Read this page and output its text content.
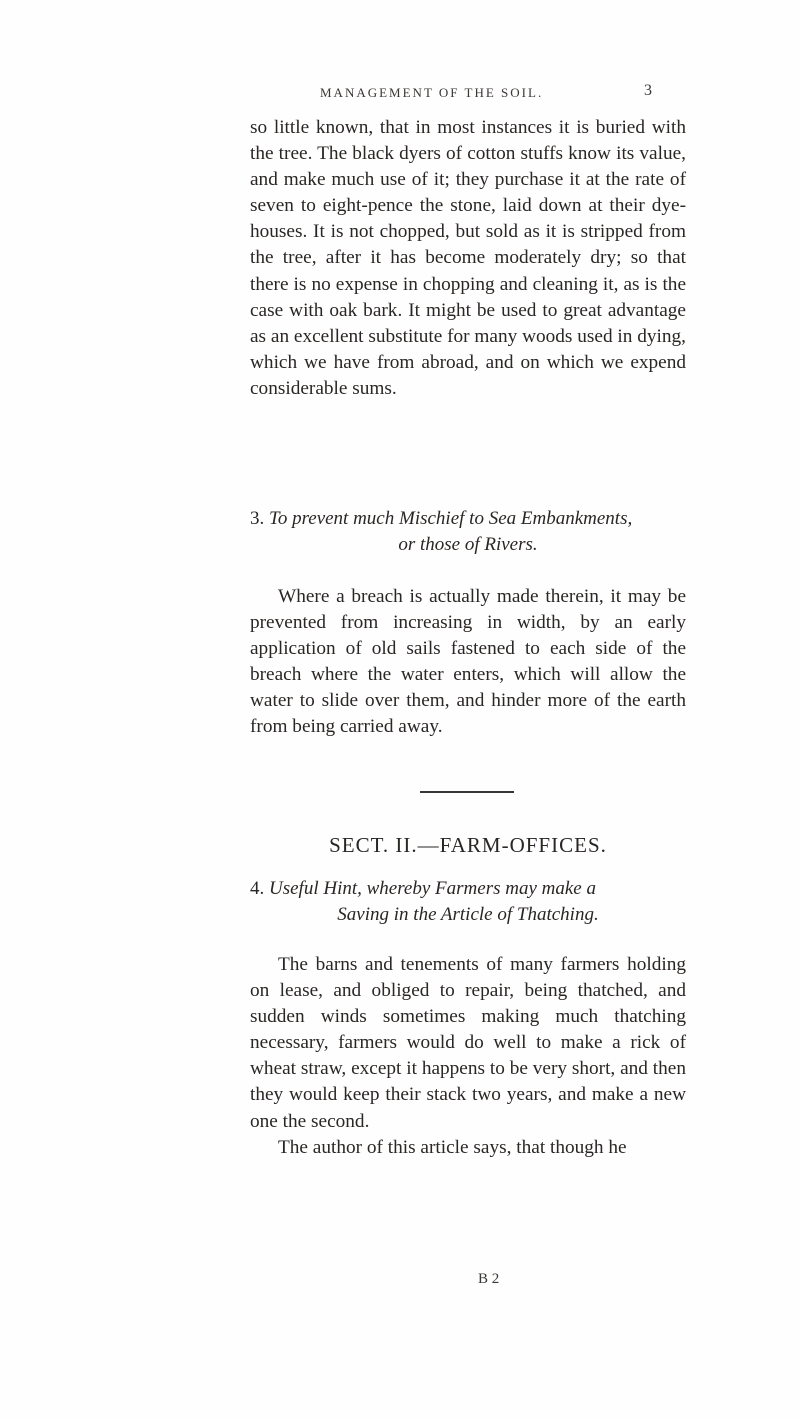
MANAGEMENT OF THE SOIL.	3

so little known, that in most instances it is buried with the tree. The black dyers of cotton stuffs know its value, and make much use of it; they purchase it at the rate of seven to eight-pence the stone, laid down at their dye-houses. It is not chopped, but sold as it is stripped from the tree, after it has become moderately dry; so that there is no expense in chopping and cleaning it, as is the case with oak bark. It might be used to great advantage as an excellent substitute for many woods used in dying, which we have from abroad, and on which we expend considerable sums.

3. To prevent much Mischief to Sea Embankments,
or those of Rivers.

Where a breach is actually made therein, it may be prevented from increasing in width, by an early application of old sails fastened to each side of the breach where the water enters, which will allow the water to slide over them, and hinder more of the earth from being carried away.

SECT. II.—FARM-OFFICES.
4. Useful Hint, whereby Farmers may make a
Saving in the Article of Thatching.

The barns and tenements of many farmers holding on lease, and obliged to repair, being thatched, and sudden winds sometimes making much thatching necessary, farmers would do well to make a rick of wheat straw, except it happens to be very short, and then they would keep their stack two years, and make a new one the second.

The author of this article says, that though he

B 2
